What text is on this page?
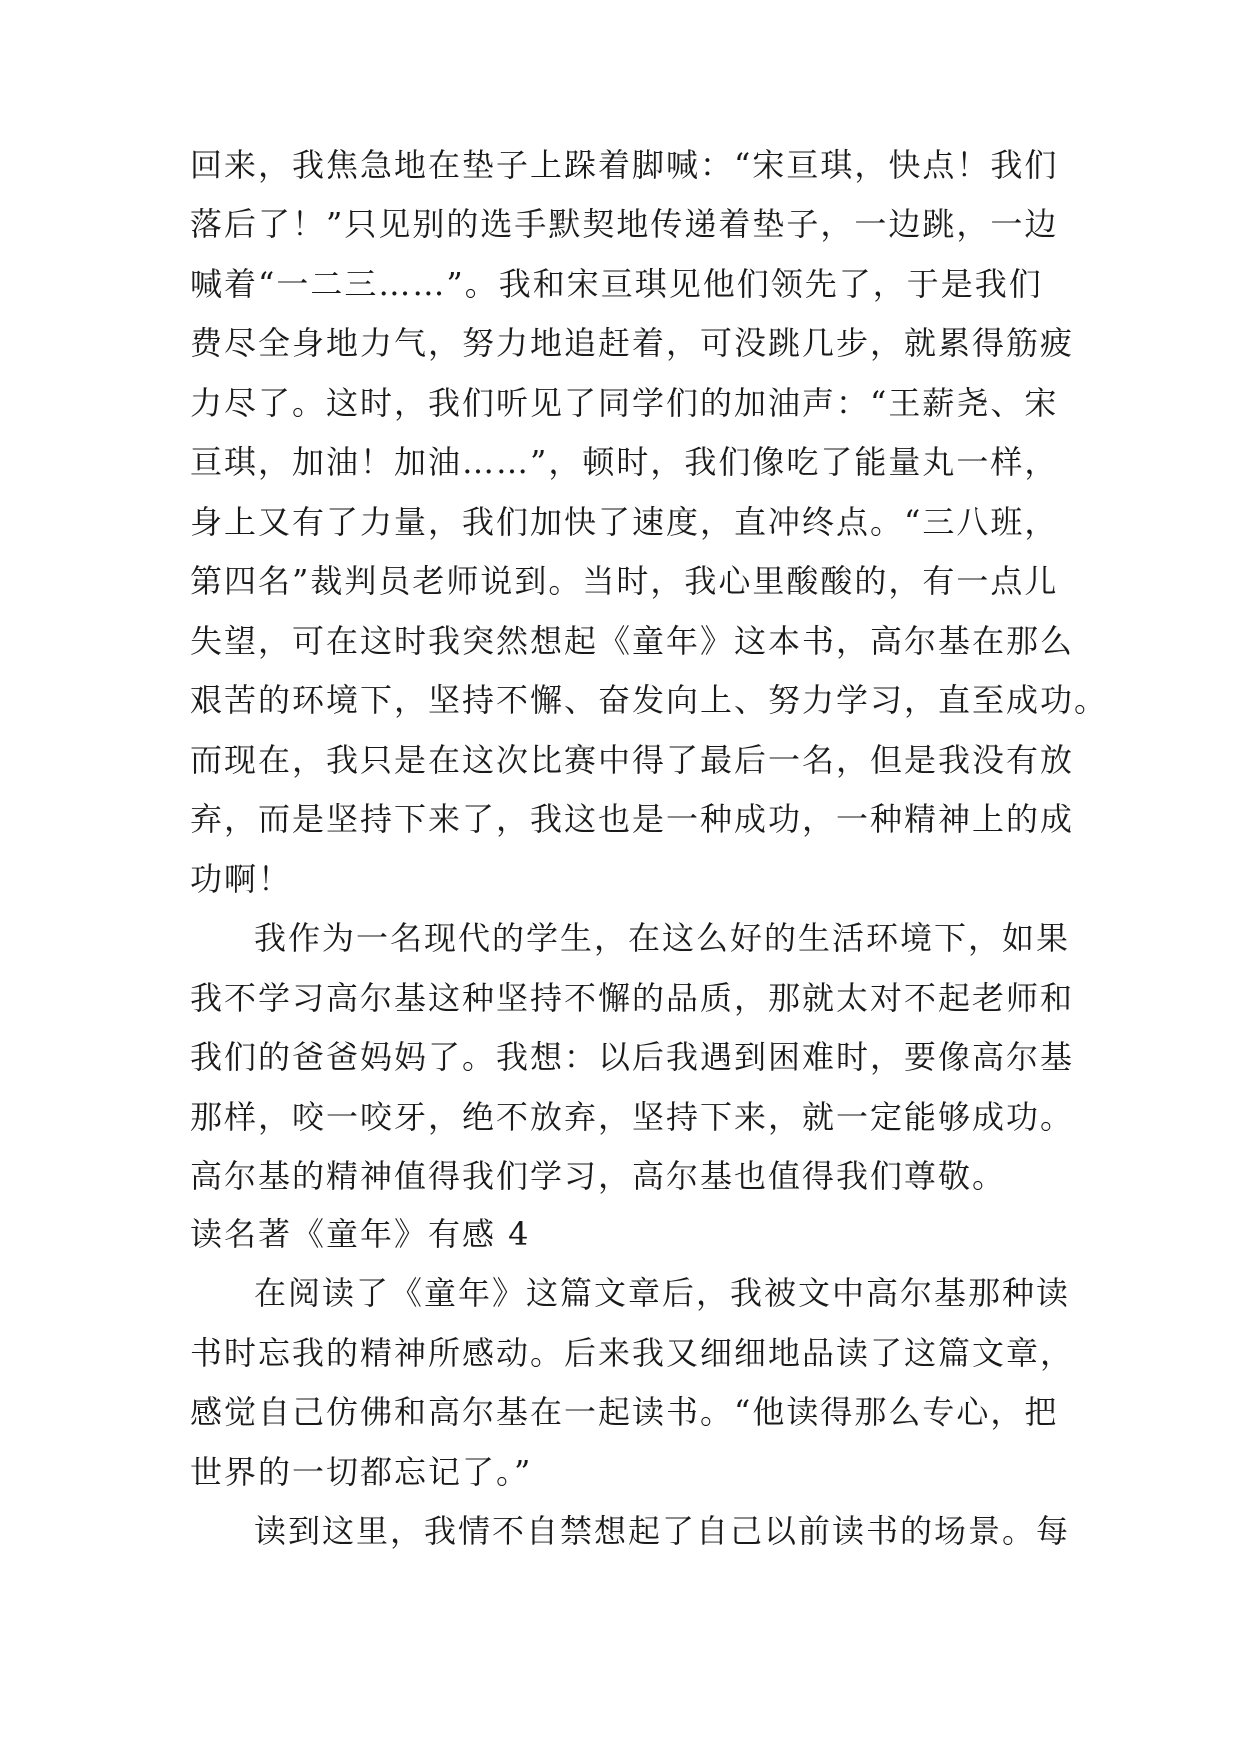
回来，我焦急地在垫子上跺着脚喊：“宋亘琪，快点！我们
落后了！”只见别的选手默契地传递着垫子，一边跳，一边
喊着“一二三……”。我和宋亘琪见他们领先了，于是我们
费尽全身地力气，努力地追赶着，可没跳几步，就累得筋疲
力尽了。这时，我们听见了同学们的加油声：“王薪尧、宋
亘琪，加油！加油……”，顿时，我们像吃了能量丸一样，
身上又有了力量，我们加快了速度，直冲终点。“三八班，
第四名”裁判员老师说到。当时，我心里酸酸的，有一点儿
失望，可在这时我突然想起《童年》这本书，高尔基在那么
艰苦的环境下，坚持不懈、奋发向上、努力学习，直至成功。
而现在，我只是在这次比赛中得了最后一名，但是我没有放
弃，而是坚持下来了，我这也是一种成功，一种精神上的成
功啊！
我作为一名现代的学生，在这么好的生活环境下，如果
我不学习高尔基这种坚持不懈的品质，那就太对不起老师和
我们的爸爸妈妈了。我想：以后我遇到困难时，要像高尔基
那样，咬一咬牙，绝不放弃，坚持下来，就一定能够成功。
高尔基的精神值得我们学习，高尔基也值得我们尊敬。
读名著《童年》有感 4
在阅读了《童年》这篇文章后，我被文中高尔基那种读
书时忘我的精神所感动。后来我又细细地品读了这篇文章，
感觉自己仿佛和高尔基在一起读书。“他读得那么专心，把
世界的一切都忘记了。”
读到这里，我情不自禁想起了自己以前读书的场景。每
